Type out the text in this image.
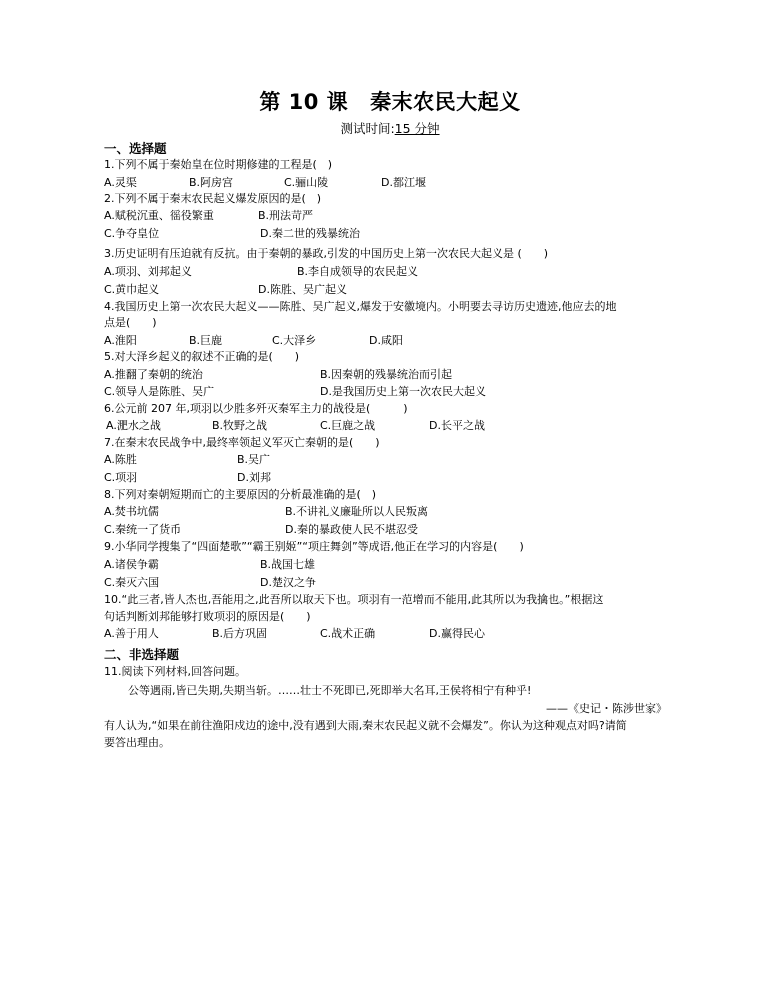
第 10 课 秦末农民大起义
测试时间:15 分钟
一、选择题
1.下列不属于秦始皇在位时期修建的工程是(　)
A.灵渠	B.阿房宫	C.骊山陵	D.都江堰
2.下列不属于秦末农民起义爆发原因的是(　)
A.赋税沉重、徭役繁重	B.刑法苛严
C.争夺皇位	D.秦二世的残暴统治
3.历史证明有压迫就有反抗。由于秦朝的暴政,引发的中国历史上第一次农民大起义是 (　　)
A.项羽、刘邦起义	B.李自成领导的农民起义
C.黄巾起义	D.陈胜、吴广起义
4.我国历史上第一次农民大起义——陈胜、吴广起义,爆发于安徽境内。小明要去寻访历史遗迹,他应去的地
点是(　　)
A.淮阳	B.巨鹿	C.大泽乡	D.咸阳
5.对大泽乡起义的叙述不正确的是(　　)
A.推翻了秦朝的统治	B.因秦朝的残暴统治而引起
C.领导人是陈胜、吴广	D.是我国历史上第一次农民大起义
6.公元前 207 年,项羽以少胜多歼灭秦军主力的战役是(　　　)
A.淝水之战	B.牧野之战	C.巨鹿之战	D.长平之战
7.在秦末农民战争中,最终率领起义军灭亡秦朝的是(　　)
A.陈胜	B.吴广
C.项羽	D.刘邦
8.下列对秦朝短期而亡的主要原因的分析最准确的是(　)
A.焚书坑儒	B.不讲礼义廉耻所以人民叛离
C.秦统一了货币	D.秦的暴政使人民不堪忍受
9.小华同学搜集了“四面楚歌”“霸王别姬”“项庄舞剑”等成语,他正在学习的内容是(　　)
A.诸侯争霸	B.战国七雄
C.秦灭六国	D.楚汉之争
10.“此三者,皆人杰也,吾能用之,此吾所以取天下也。项羽有一范增而不能用,此其所以为我擒也。”根据这
句话判断刘邦能够打败项羽的原因是(　　)
A.善于用人	B.后方巩固	C.战术正确	D.赢得民心
二、非选择题
11.阅读下列材料,回答问题。
公等遇雨,皆已失期,失期当斩。……壮士不死即已,死即举大名耳,王侯将相宁有种乎!
——《史记・陈涉世家》
有人认为,“如果在前往渔阳戍边的途中,没有遇到大雨,秦末农民起义就不会爆发”。你认为这种观点对吗?请简
要答出理由。
